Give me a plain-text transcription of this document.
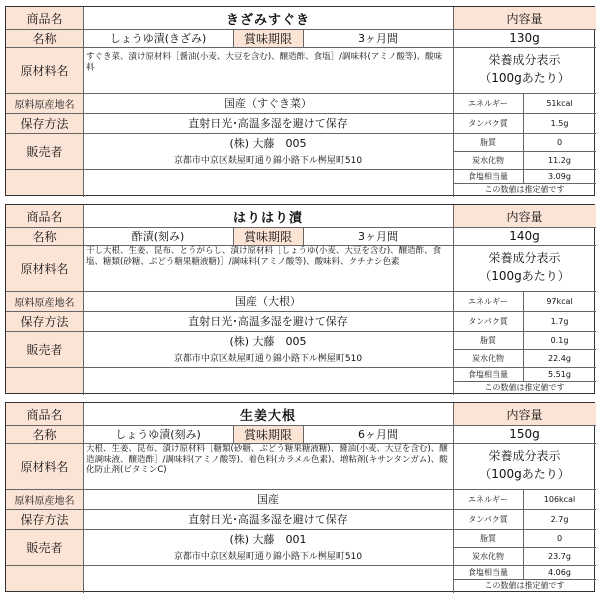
商品名	きざみすぐき	内容量
名称	しょうゆ漬(きざみ)	賞味期限	3ヶ月間	130g
原材料名
すぐき菜、漬け原材料［醤油(小麦、大豆を含む)、醸造酢、食塩］/調味料(アミノ酸等)、酸味料
原料原産地名	国産（すぐき菜）
保存方法	直射日光･高温多湿を避けて保存
販売者
(株) 大藤　005
京都市中京区麸屋町通り錦小路下ル桝屋町510
栄養成分表示
（100gあたり）
エネルギー	51kcal
タンパク質	1.5g
脂質	0
炭水化物	11.2g
食塩相当量	3.09g
この数値は推定値です
商品名	はりはり漬	内容量
名称	酢漬(刻み)	賞味期限	3ヶ月間	140g
原材料名
干し大根、生姜、昆布、とうがらし、漬け原材料［しょうゆ(小麦、大豆を含む)、醸造酢、食塩、糖類(砂糖、ぶどう糖果糖液糖)］/調味料(アミノ酸等)、酸味料、クチナシ色素
原料原産地名	国産（大根）
保存方法	直射日光･高温多湿を避けて保存
販売者
(株) 大藤　005
京都市中京区麸屋町通り錦小路下ル桝屋町510
栄養成分表示
（100gあたり）
エネルギー	97kcal
タンパク質	1.7g
脂質	0.1g
炭水化物	22.4g
食塩相当量	5.51g
この数値は推定値です
商品名	生姜大根	内容量
名称	しょうゆ漬(刻み)	賞味期限	6ヶ月間	150g
原材料名
大根、生姜、昆布、漬け原材料［糖類(砂糖、ぶどう糖果糖液糖)、醤油(小麦、大豆を含む)、醸造調味液、醸造酢］/調味料(アミノ酸等)、着色料(カラメル色素)、増粘剤(キサンタンガム)、酸化防止剤(ビタミンC)
原料原産地名	国産
保存方法	直射日光･高温多湿を避けて保存
販売者
(株) 大藤　001
京都市中京区麸屋町通り錦小路下ル桝屋町510
栄養成分表示
（100gあたり）
エネルギー	106kcal
タンパク質	2.7g
脂質	0
炭水化物	23.7g
食塩相当量	4.06g
この数値は推定値です
